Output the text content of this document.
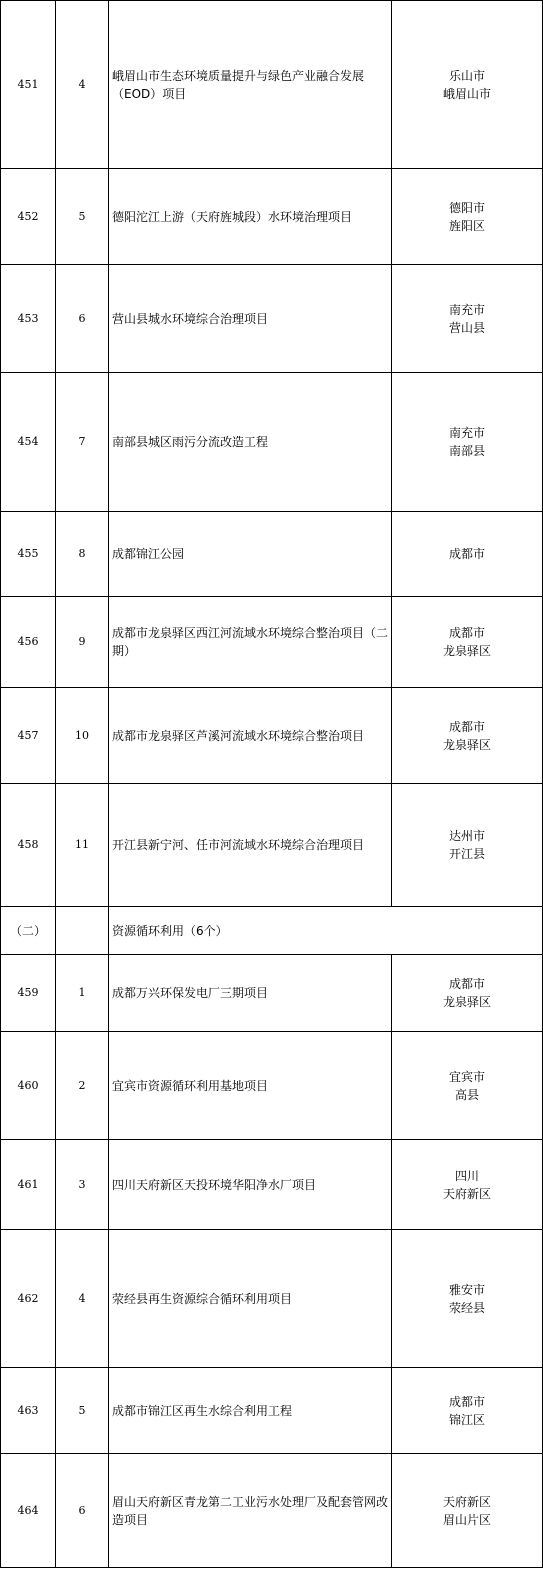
451	4	峨眉山市生态环境质量提升与绿色产业融合发展（EOD）项目	乐山市
峨眉山市

452	5	德阳沱江上游（天府旌城段）水环境治理项目	德阳市
旌阳区

453	6	营山县城水环境综合治理项目	南充市
营山县

454	7	南部县城区雨污分流改造工程	南充市
南部县

455	8	成都锦江公园	成都市

456	9	成都市龙泉驿区西江河流域水环境综合整治项目（二期）	成都市
龙泉驿区

457	10	成都市龙泉驿区芦溪河流域水环境综合整治项目	成都市
龙泉驿区

458	11	开江县新宁河、任市河流域水环境综合治理项目	达州市
开江县

（二）		资源循环利用（6个）	
459	1	成都万兴环保发电厂三期项目	成都市
龙泉驿区

460	2	宜宾市资源循环利用基地项目	宜宾市
高县

461	3	四川天府新区天投环境华阳净水厂项目	四川
天府新区

462	4	荥经县再生资源综合循环利用项目	雅安市
荥经县

463	5	成都市锦江区再生水综合利用工程	成都市
锦江区

464	6	眉山天府新区青龙第二工业污水处理厂及配套管网改造项目	天府新区
眉山片区
